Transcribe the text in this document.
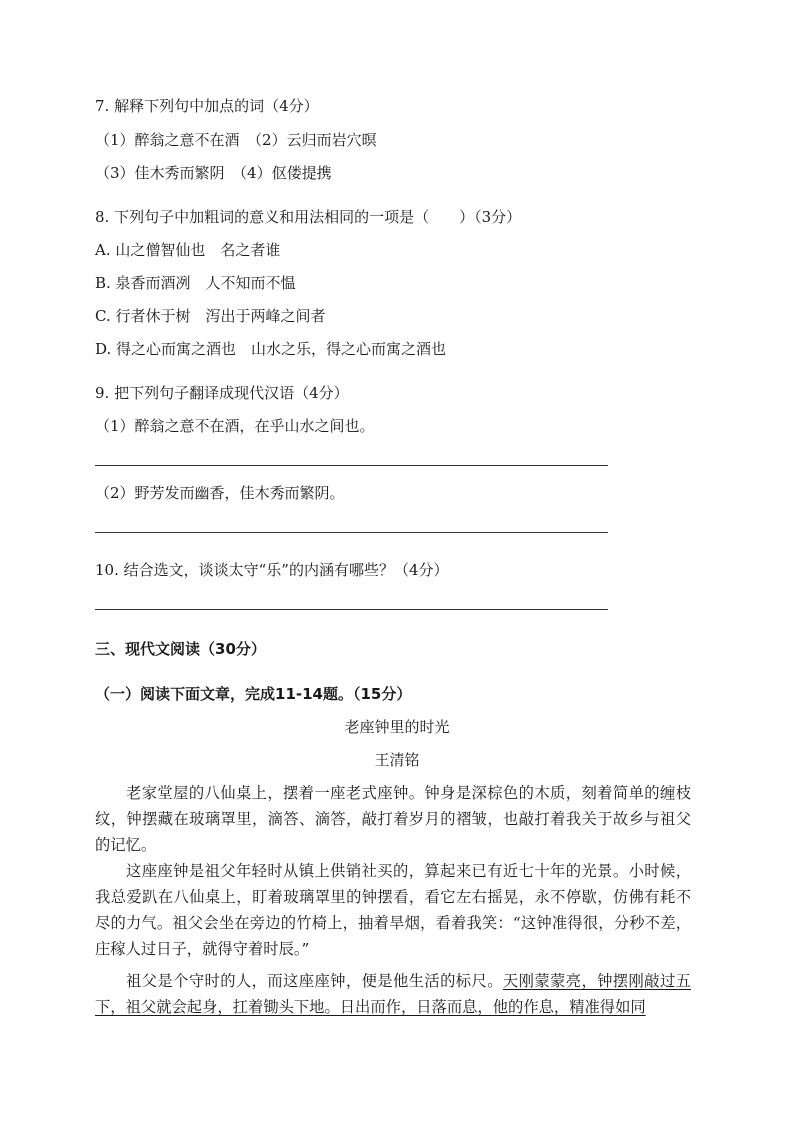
7. 解释下列句中加点的词（4分）
（1）醉翁之意不在酒　（2）云归而岩穴暝
（3）佳木秀而繁阴　（4）伛偻提携
8. 下列句子中加粗词的意义和用法相同的一项是（　　）（3分）
A. 山之僧智仙也　名之者谁
B. 泉香而酒冽　人不知而不愠
C. 行者休于树　泻出于两峰之间者
D. 得之心而寓之酒也　山水之乐，得之心而寓之酒也
9. 把下列句子翻译成现代汉语（4分）
（1）醉翁之意不在酒，在乎山水之间也。
（2）野芳发而幽香，佳木秀而繁阴。
10. 结合选文，谈谈太守“乐”的内涵有哪些？（4分）
三、现代文阅读（30分）
（一）阅读下面文章，完成11-14题。（15分）
老座钟里的时光
王清铭
老家堂屋的八仙桌上，摆着一座老式座钟。钟身是深棕色的木质，刻着简单的缠枝纹，钟摆藏在玻璃罩里，滴答、滴答，敲打着岁月的褶皱，也敲打着我关于故乡与祖父的记忆。
这座座钟是祖父年轻时从镇上供销社买的，算起来已有近七十年的光景。小时候，我总爱趴在八仙桌上，盯着玻璃罩里的钟摆看，看它左右摇晃，永不停歇，仿佛有耗不尽的力气。祖父会坐在旁边的竹椅上，抽着旱烟，看着我笑：“这钟准得很，分秒不差，庄稼人过日子，就得守着时辰。”
祖父是个守时的人，而这座座钟，便是他生活的标尺。天刚蒙蒙亮，钟摆刚敲过五下，祖父就会起身，扛着锄头下地。日出而作，日落而息，他的作息，精准得如同
